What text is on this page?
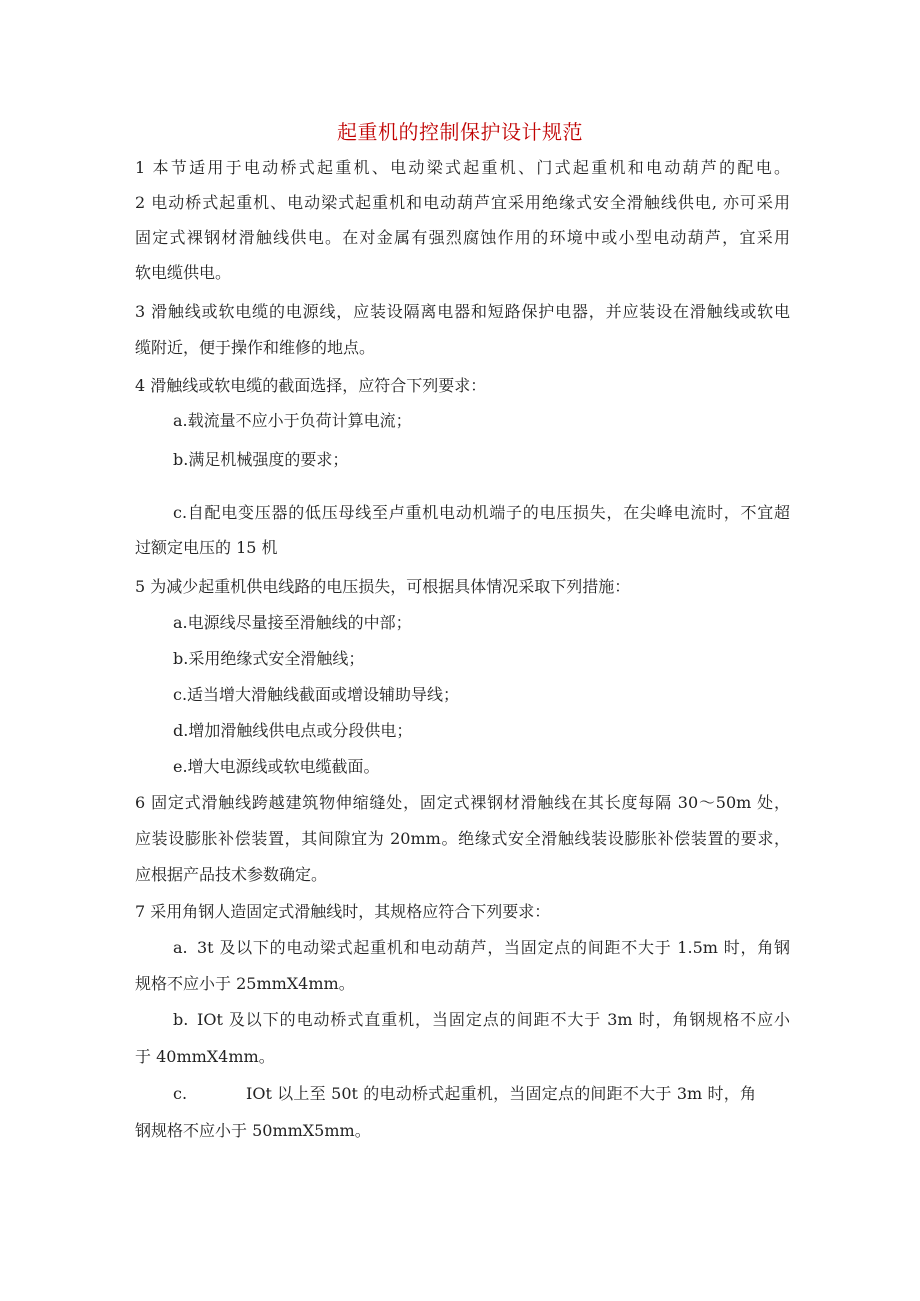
起重机的控制保护设计规范
1 本节适用于电动桥式起重机、电动梁式起重机、门式起重机和电动葫芦的配电。
2 电动桥式起重机、电动梁式起重机和电动葫芦宜采用绝缘式安全滑触线供电, 亦可采用
固定式裸钢材滑触线供电。在对金属有强烈腐蚀作用的环境中或小型电动葫芦，宜采用
软电缆供电。
3 滑触线或软电缆的电源线，应装设隔离电器和短路保护电器，并应装设在滑触线或软电
缆附近，便于操作和维修的地点。
4 滑触线或软电缆的截面选择，应符合下列要求：
a.载流量不应小于负荷计算电流；
b.满足机械强度的要求；
c.自配电变压器的低压母线至卢重机电动机端子的电压损失，在尖峰电流时，不宜超
过额定电压的 15 机
5 为减少起重机供电线路的电压损失，可根据具体情况采取下列措施：
a.电源线尽量接至滑触线的中部；
b.采用绝缘式安全滑触线；
c.适当增大滑触线截面或增设辅助导线；
d.增加滑触线供电点或分段供电；
e.增大电源线或软电缆截面。
6 固定式滑触线跨越建筑物伸缩缝处，固定式裸钢材滑触线在其长度每隔 30～50m 处，
应装设膨胀补偿装置，其间隙宜为 20mm。绝缘式安全滑触线装设膨胀补偿装置的要求，
应根据产品技术参数确定。
7 采用角钢人造固定式滑触线时，其规格应符合下列要求：
a. 3t 及以下的电动梁式起重机和电动葫芦，当固定点的间距不大于 1.5m 时，角钢
规格不应小于 25mmX4mm。
b. IOt 及以下的电动桥式直重机，当固定点的间距不大于 3m 时，角钢规格不应小
于 40mmX4mm。
c.	IOt 以上至 50t 的电动桥式起重机，当固定点的间距不大于 3m 时，角
钢规格不应小于 50mmX5mm。
